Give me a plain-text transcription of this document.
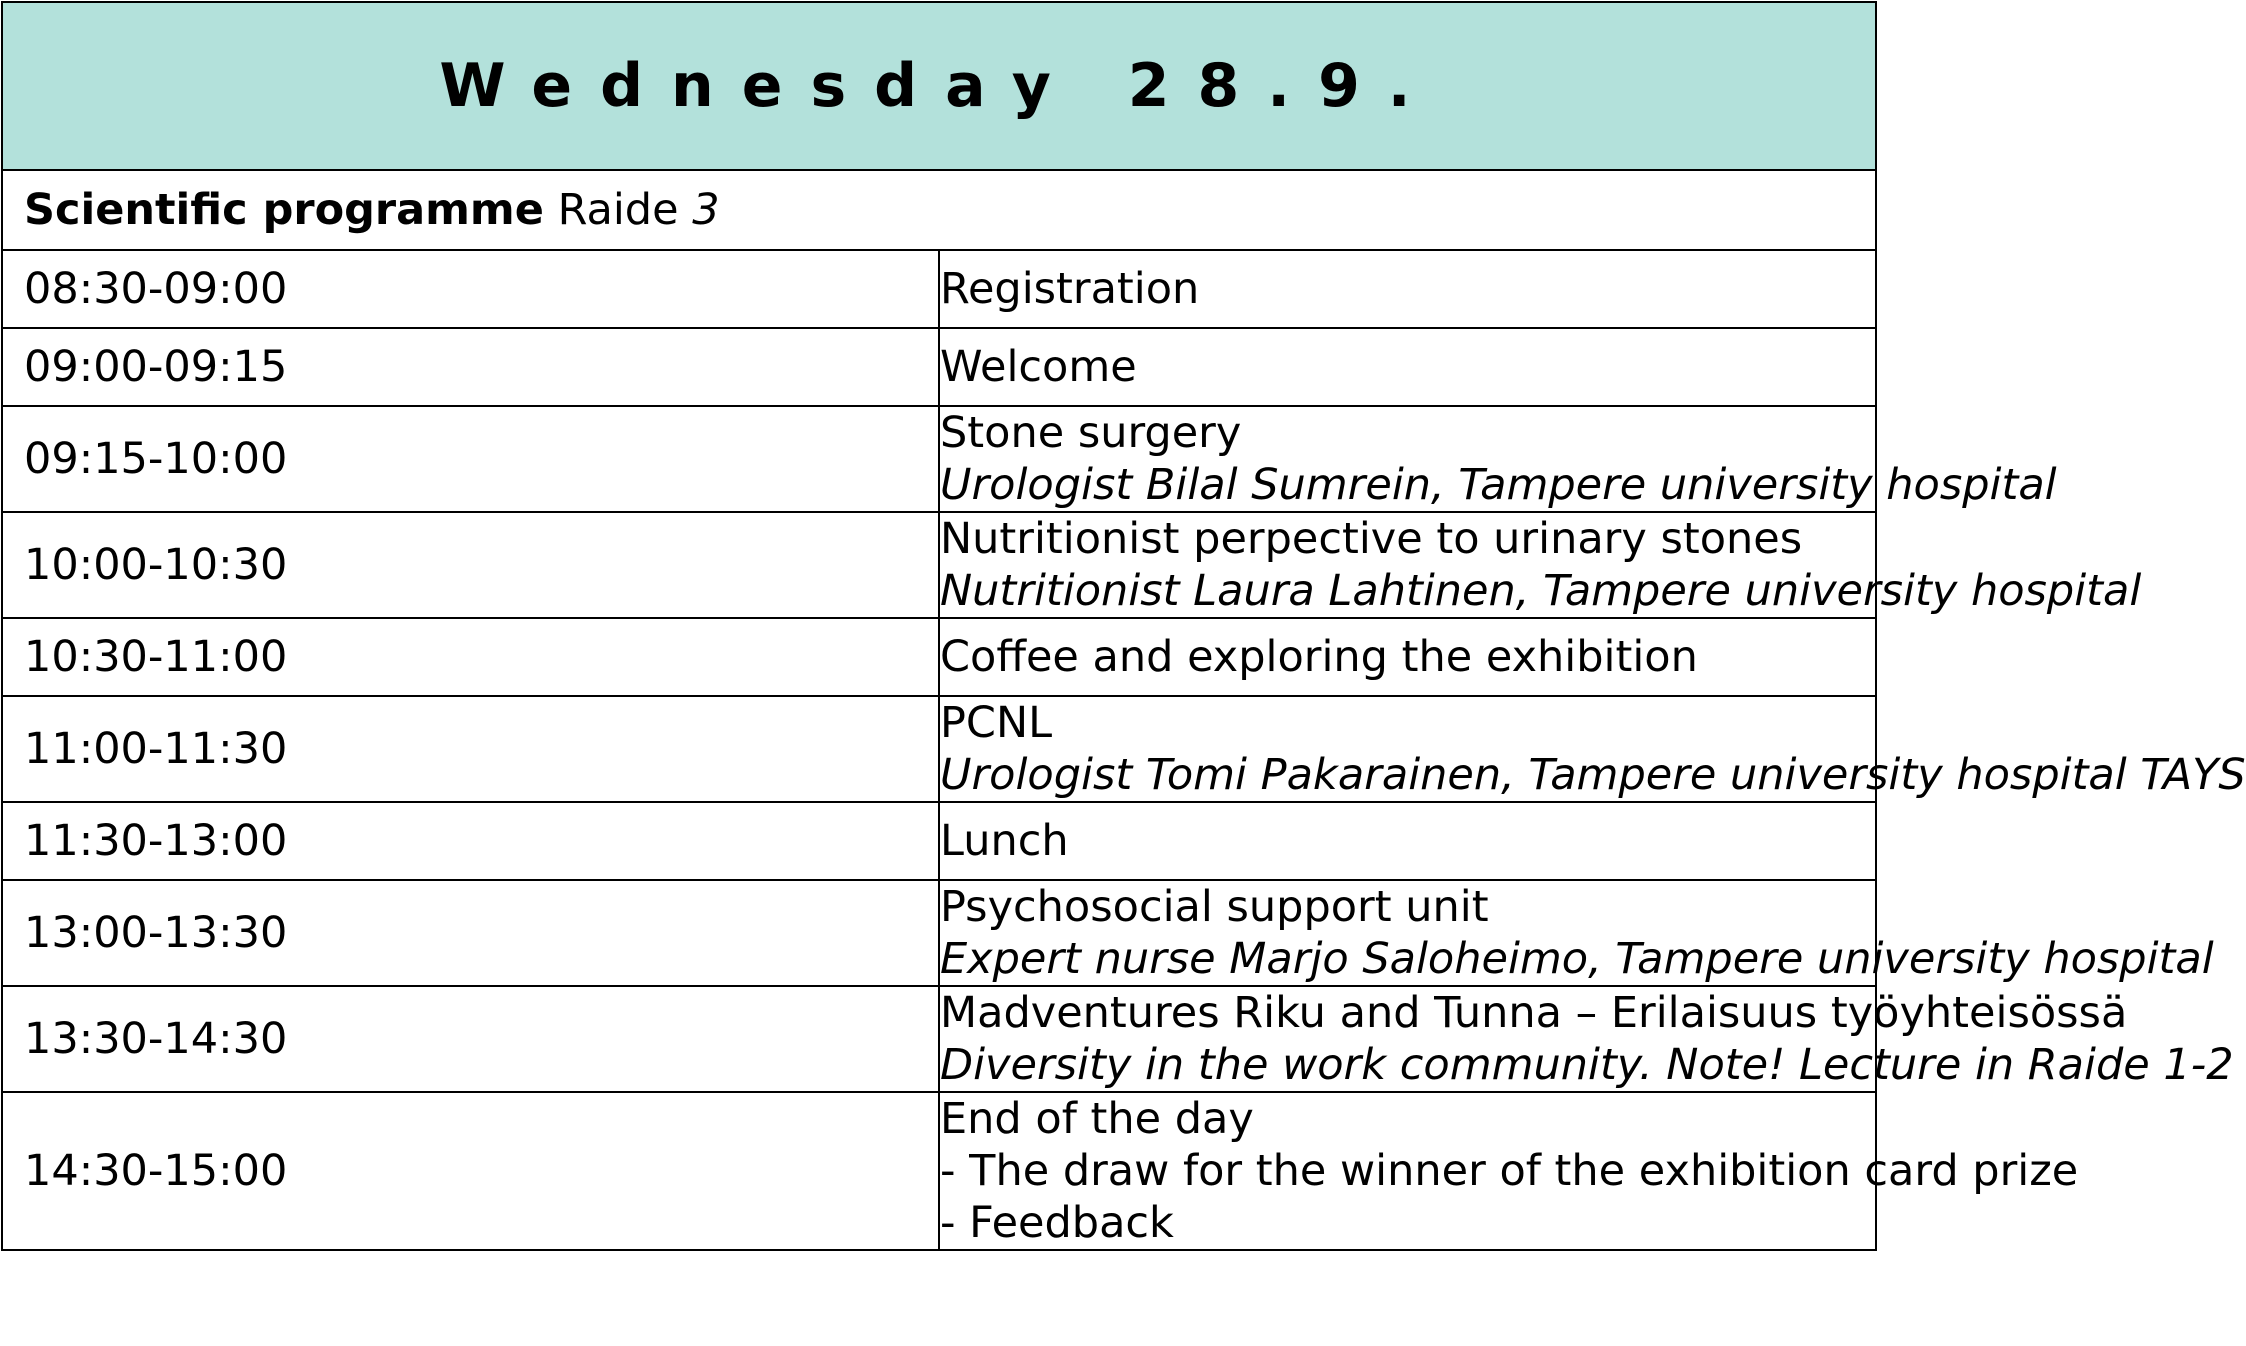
Wednesday 28.9.	
Scientific programme Raide 3	
08:30-09:00	Registration

09:00-09:15	Welcome

09:15-10:00	Stone surgery
Urologist Bilal Sumrein, Tampere university hospital

10:00-10:30	Nutritionist perpective to urinary stones
Nutritionist Laura Lahtinen, Tampere university hospital

10:30-11:00	Coffee and exploring the exhibition

11:00-11:30	PCNL
Urologist Tomi Pakarainen, Tampere university hospital TAYS

11:30-13:00	Lunch

13:00-13:30	Psychosocial support unit
Expert nurse Marjo Saloheimo, Tampere university hospital

13:30-14:30	Madventures Riku and Tunna – Erilaisuus työyhteisössä
Diversity in the work community. Note! Lecture in Raide 1-2

14:30-15:00	End of the day
- The draw for the winner of the exhibition card prize
- Feedback
